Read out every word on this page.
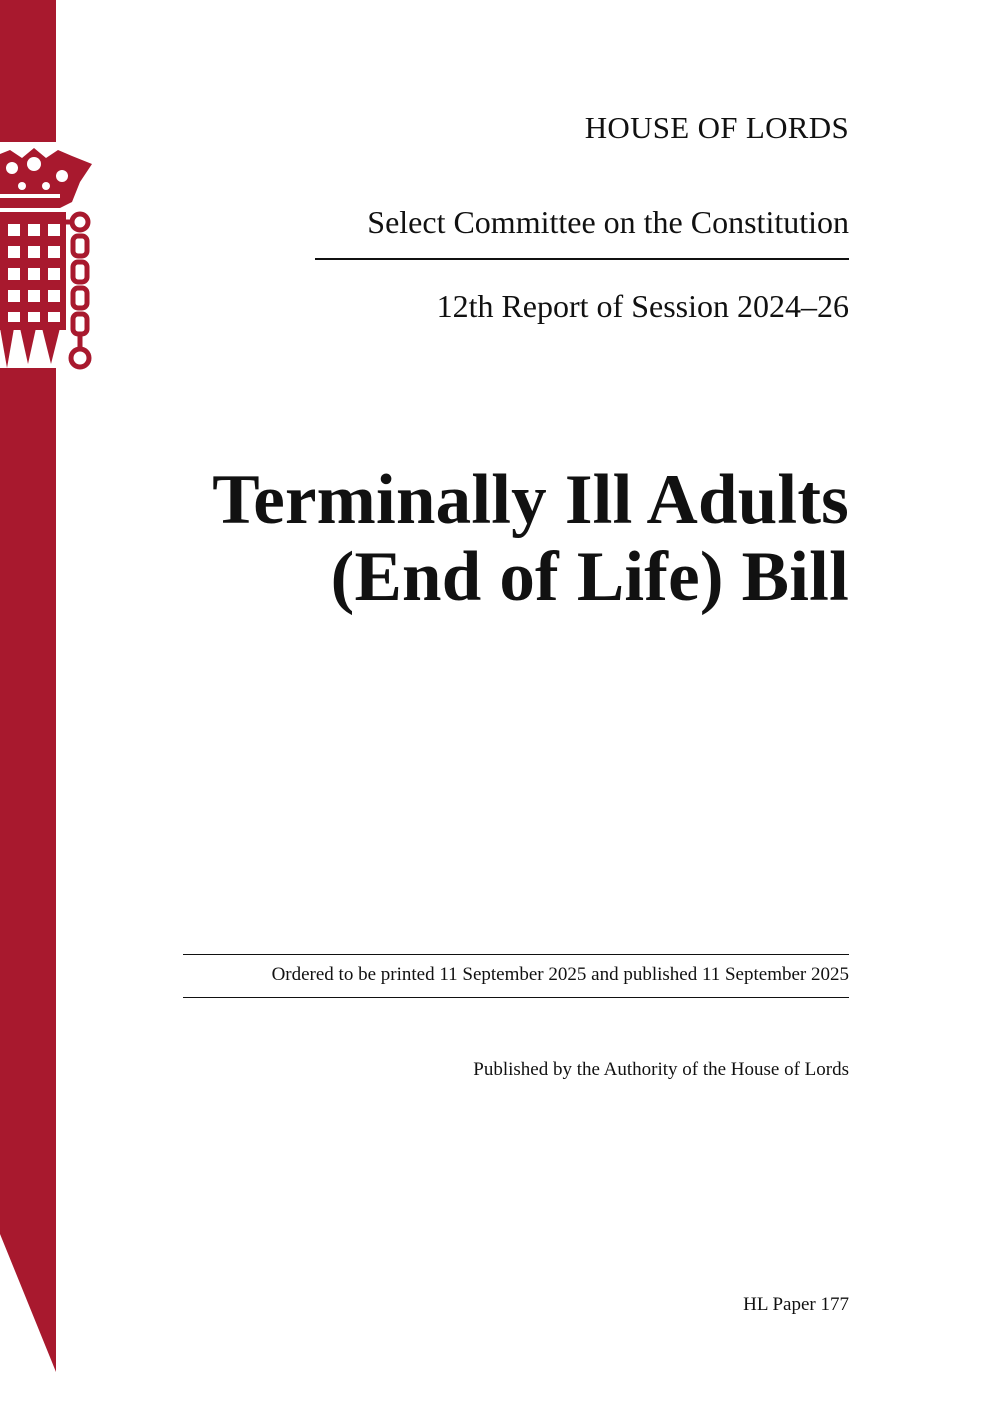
HOUSE OF LORDS
Select Committee on the Constitution
12th Report of Session 2024–26
Terminally Ill Adults
(End of Life) Bill
Ordered to be printed 11 September 2025 and published 11 September 2025
Published by the Authority of the House of Lords
HL Paper 177
